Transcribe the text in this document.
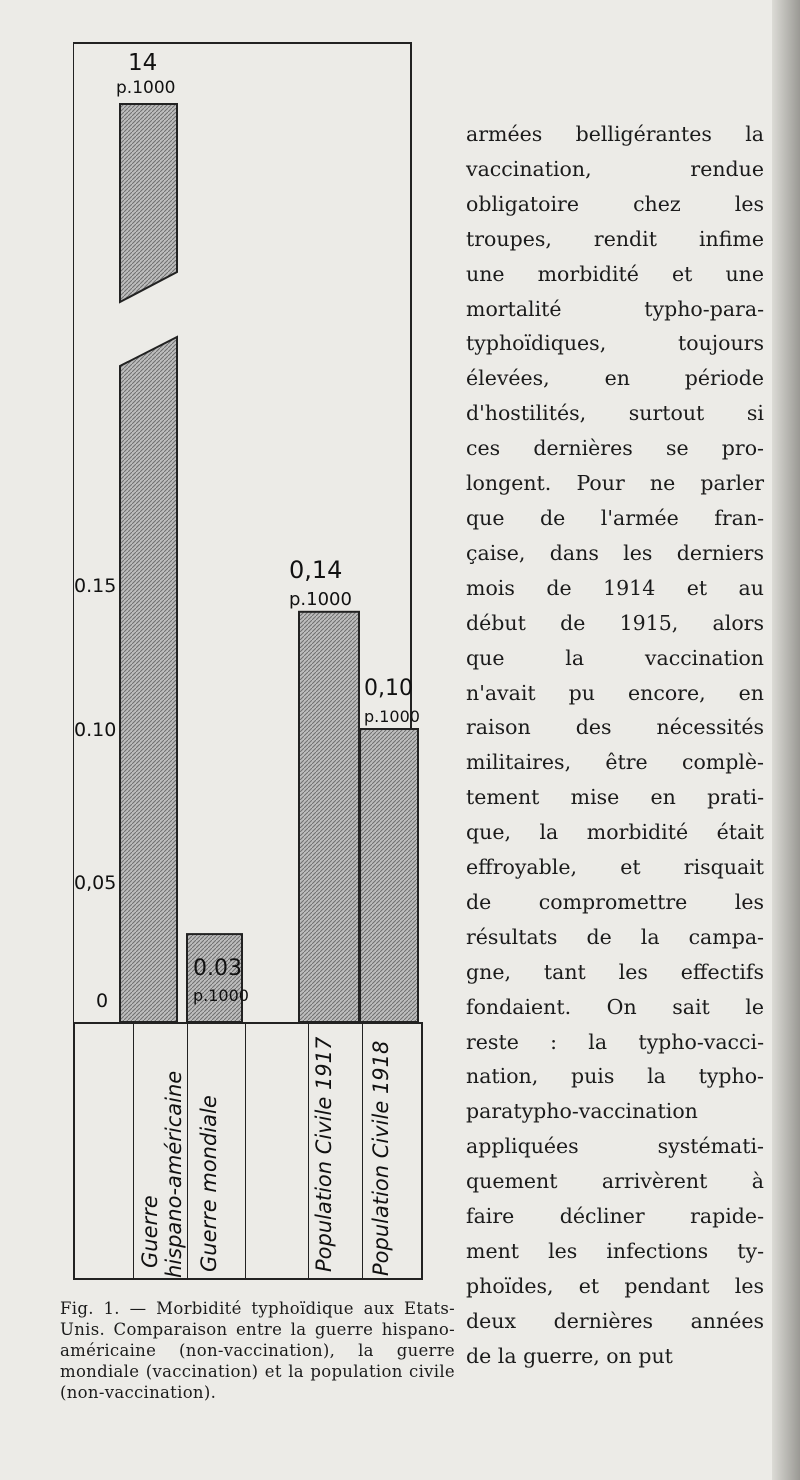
14
p.1000
0.03
p.1000
0,14
p.1000
0,10
p.1000
0.15
0.10
0,05
0
Guerre hispano-américaine Guerre mondiale	Population Civile 1917 Population Civile 1918
Fig. 1. — Morbidité typhoïdique aux Etats-Unis. Comparaison entre la guerre hispano-américaine (non-vaccination), la guerre mondiale (vaccination) et la population civile (non-vaccination).
armées belligérantes la
vaccination, rendue
obligatoire chez les
troupes, rendit infime
une morbidité et une
mortalité typho-para-
typhoïdiques, toujours
élevées, en période
d'hostilités, surtout si
ces dernières se pro-
longent. Pour ne parler
que de l'armée fran-
çaise, dans les derniers
mois de 1914 et au
début de 1915, alors
que la vaccination
n'avait pu encore, en
raison des nécessités
militaires, être complè-
tement mise en prati-
que, la morbidité était
effroyable, et risquait
de compromettre les
résultats de la campa-
gne, tant les effectifs
fondaient. On sait le
reste : la typho-vacci-
nation, puis la typho-
paratypho-vaccination
appliquées systémati-
quement arrivèrent à
faire décliner rapide-
ment les infections ty-
phoïdes, et pendant les
deux dernières années
de la guerre, on put
